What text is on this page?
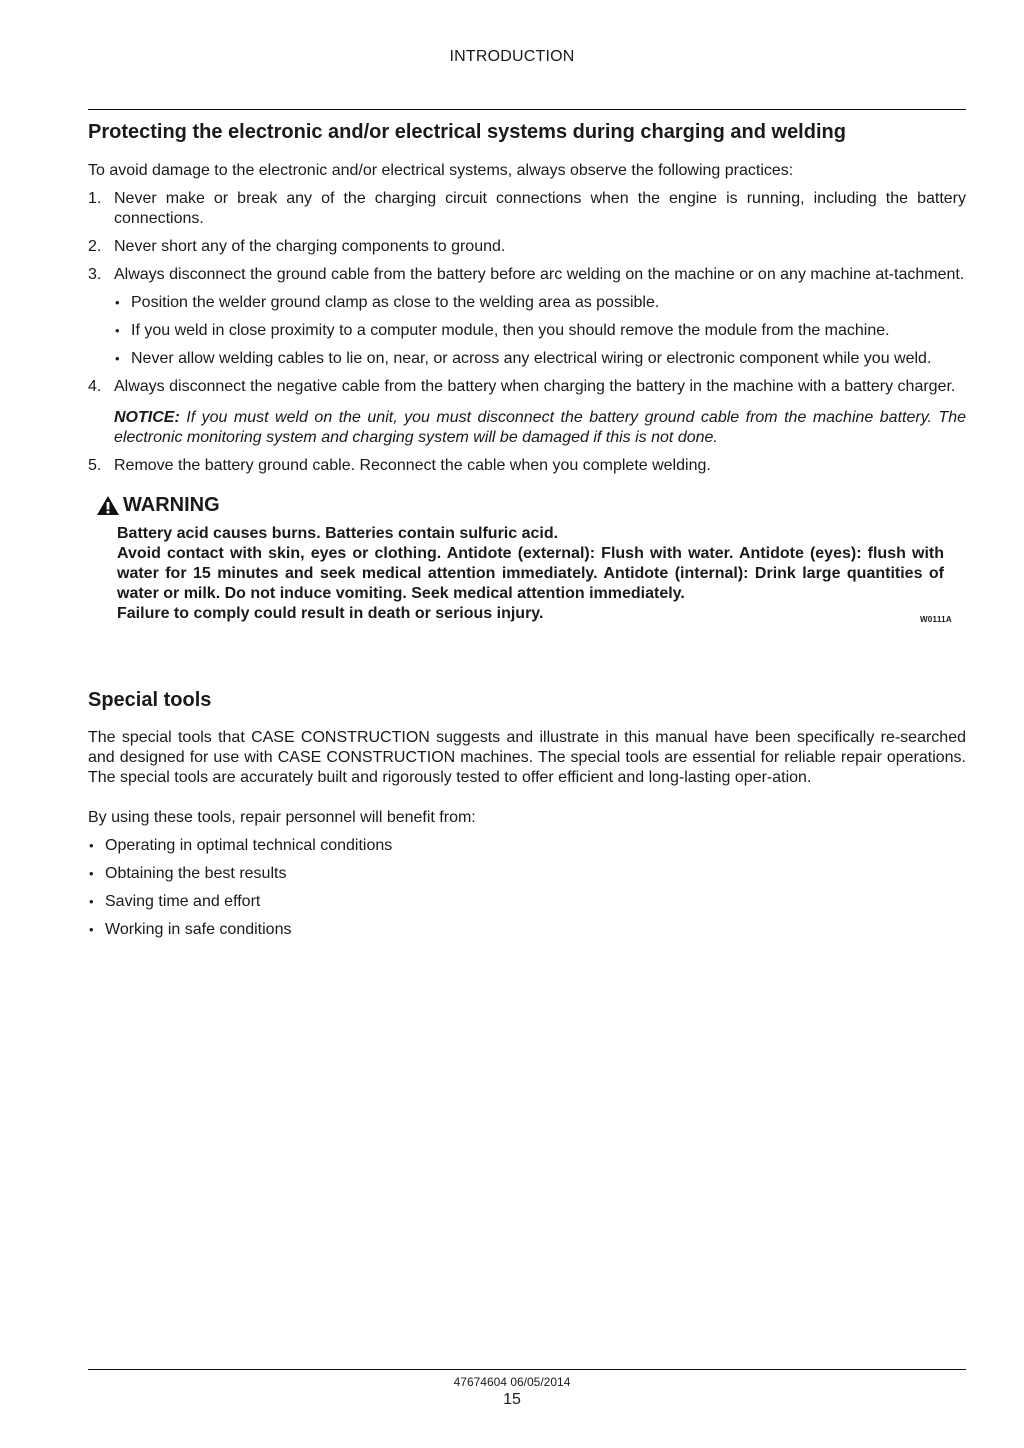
INTRODUCTION
Protecting the electronic and/or electrical systems during charging and welding

To avoid damage to the electronic and/or electrical systems, always observe the following practices:

1. Never make or break any of the charging circuit connections when the engine is running, including the battery connections.
2. Never short any of the charging components to ground.
3. Always disconnect the ground cable from the battery before arc welding on the machine or on any machine at-tachment.
• Position the welder ground clamp as close to the welding area as possible.
• If you weld in close proximity to a computer module, then you should remove the module from the machine.
• Never allow welding cables to lie on, near, or across any electrical wiring or electronic component while you weld.
4. Always disconnect the negative cable from the battery when charging the battery in the machine with a battery charger.

NOTICE: If you must weld on the unit, you must disconnect the battery ground cable from the machine battery. The electronic monitoring system and charging system will be damaged if this is not done.

5. Remove the battery ground cable. Reconnect the cable when you complete welding.
WARNING

Battery acid causes burns. Batteries contain sulfuric acid.

Avoid contact with skin, eyes or clothing. Antidote (external): Flush with water. Antidote (eyes): flush with water for 15 minutes and seek medical attention immediately. Antidote (internal): Drink large quantities of water or milk. Do not induce vomiting. Seek medical attention immediately.

Failure to comply could result in death or serious injury.	W0111A
Special tools

The special tools that CASE CONSTRUCTION suggests and illustrate in this manual have been specifically re-searched and designed for use with CASE CONSTRUCTION machines. The special tools are essential for reliable repair operations. The special tools are accurately built and rigorously tested to offer efficient and long-lasting oper-ation.

By using these tools, repair personnel will benefit from:

• Operating in optimal technical conditions
• Obtaining the best results
• Saving time and effort
• Working in safe conditions
47674604 06/05/2014
15
